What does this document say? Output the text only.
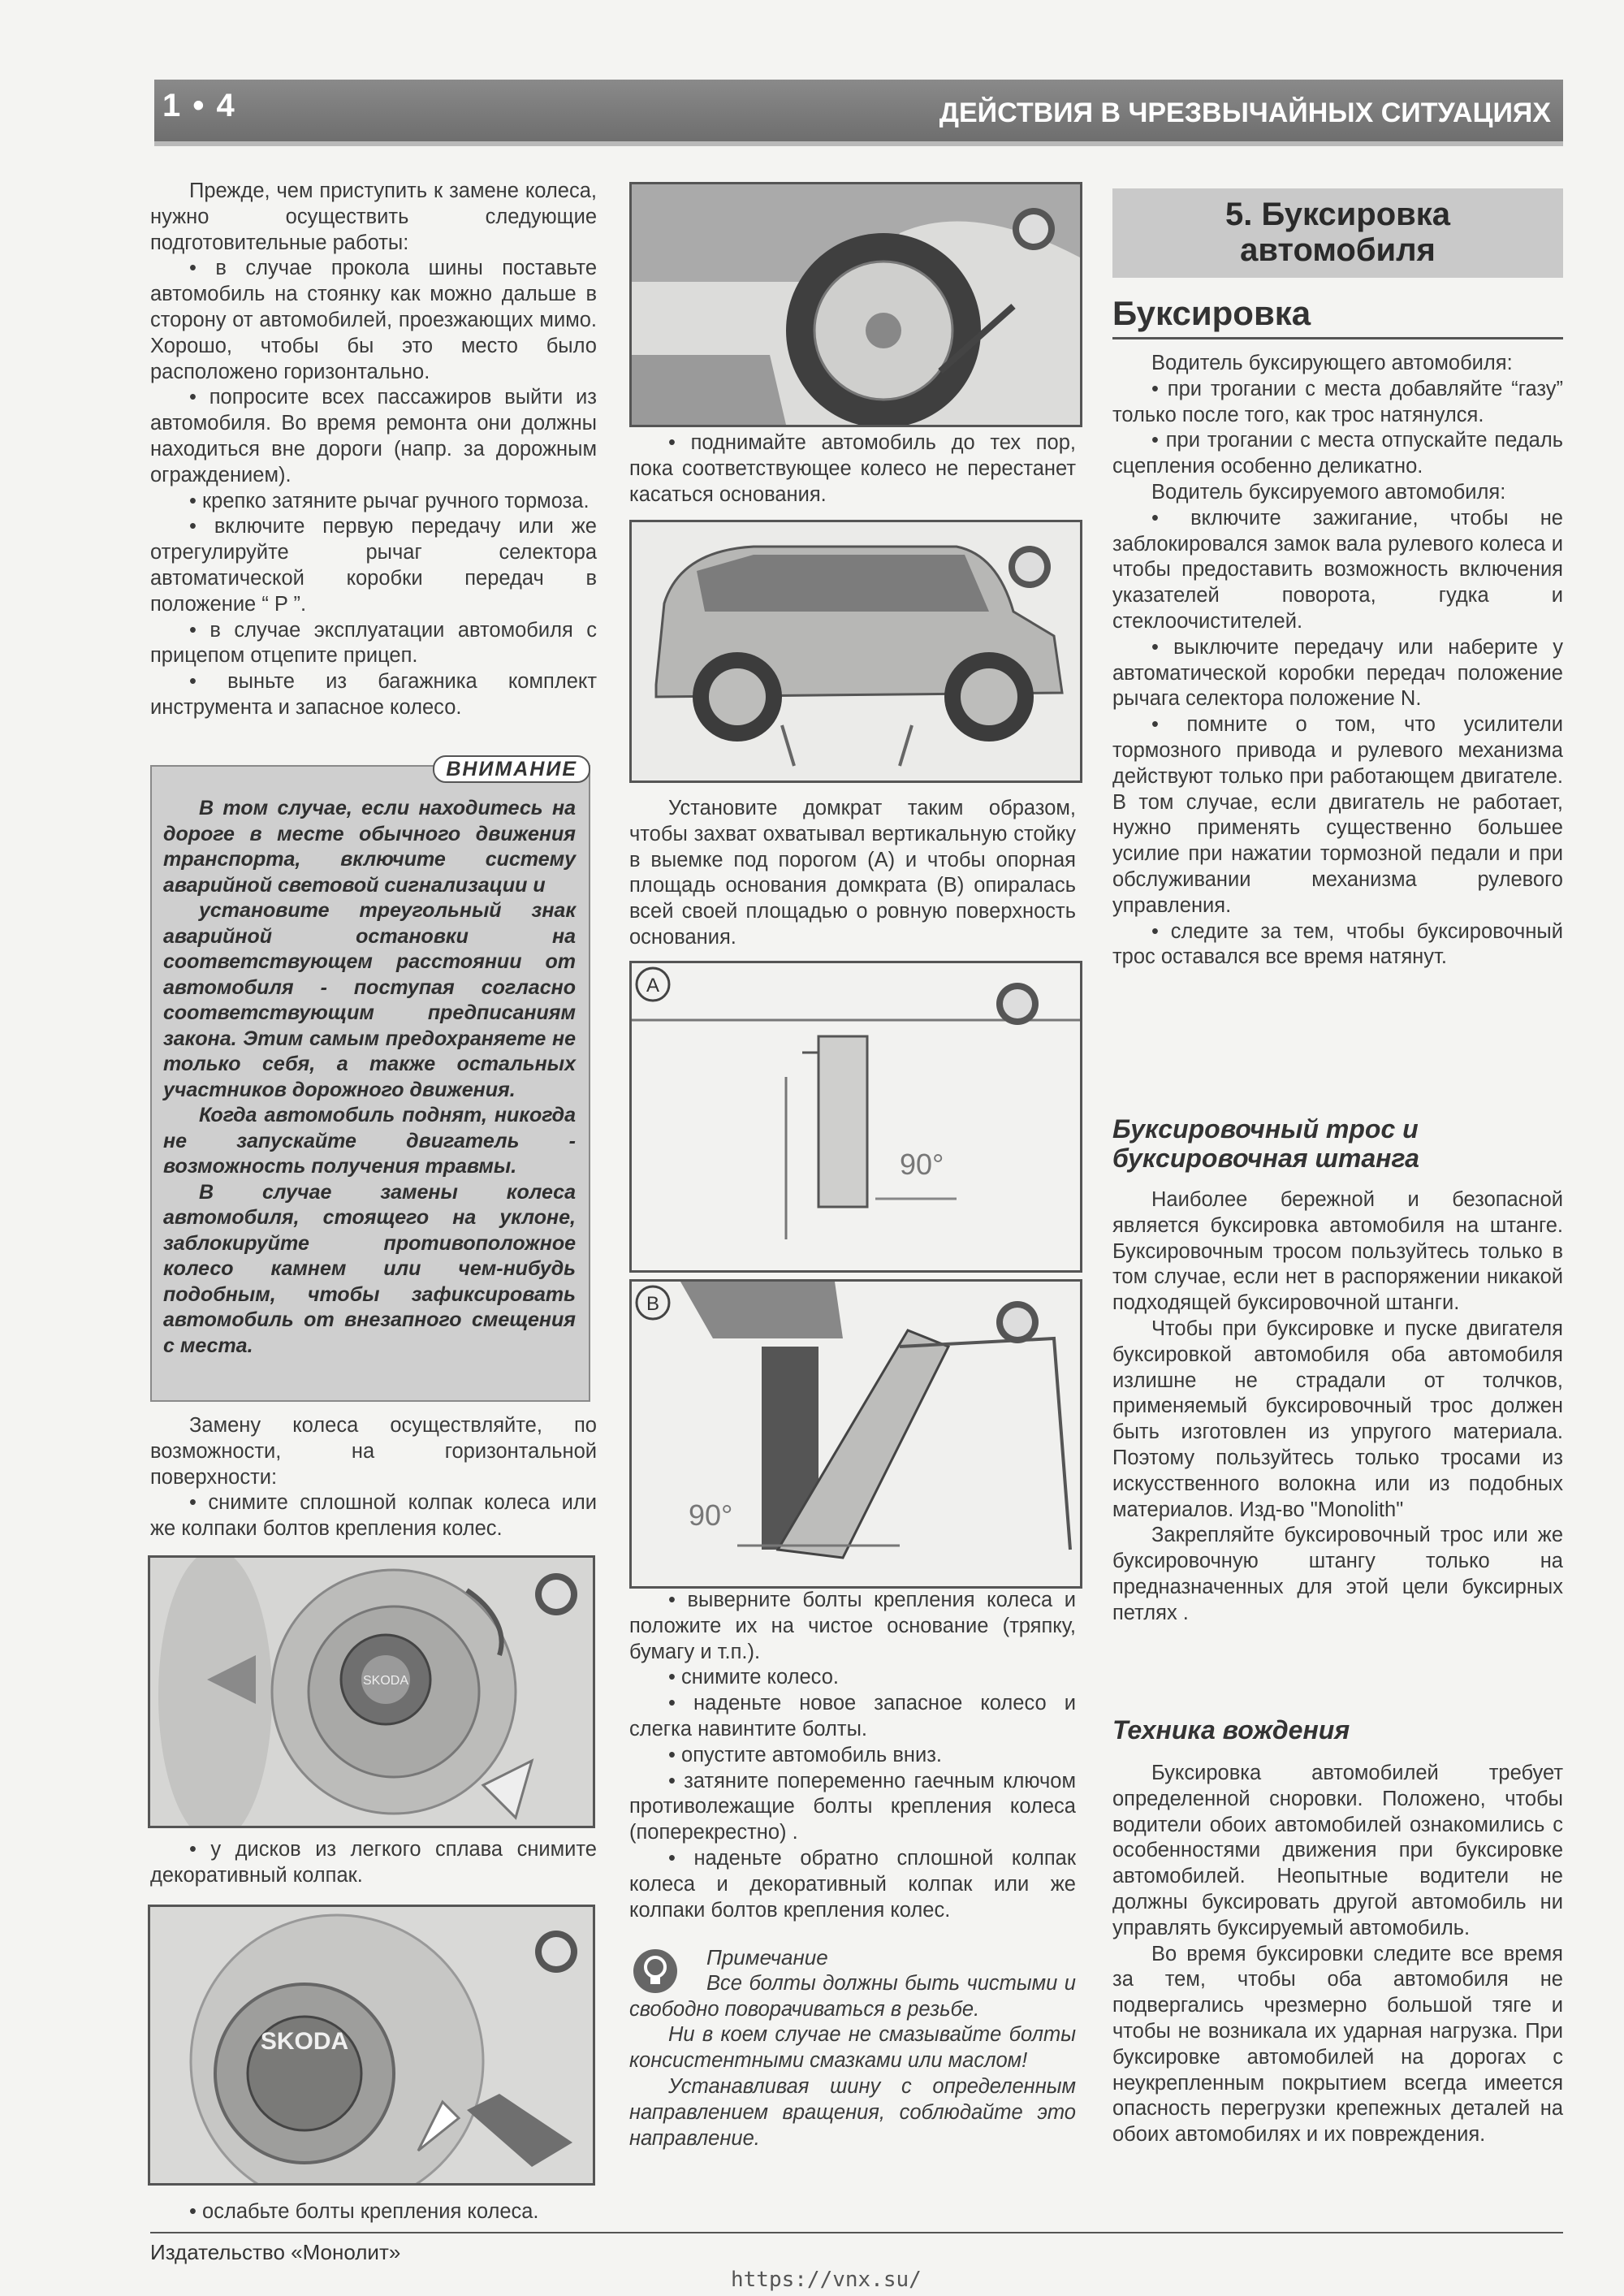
1 • 4	ДЕЙСТВИЯ В ЧРЕЗВЫЧАЙНЫХ СИТУАЦИЯХ

Прежде, чем приступить к замене колеса, нужно осуществить следующие подготовительные работы:

• в случае прокола шины поставьте автомобиль на стоянку как можно дальше в сторону от автомобилей, проезжающих мимо. Хорошо, чтобы бы это место было расположено горизонтально.

• попросите всех пассажиров выйти из автомобиля. Во время ремонта они должны находиться вне дороги (напр. за дорожным ограждением).

• крепко затяните рычаг ручного тормоза.

• включите первую передачу или же отрегулируйте рычаг селектора автоматической коробки передач в положение “ P ”.

• в случае эксплуатации автомобиля с прицепом отцепите прицеп.

• выньте из багажника комплект инструмента и запасное колесо.

ВНИМАНИЕ

В том случае, если находитесь на дороге в месте обычного движения транспорта, включите систему аварийной световой сигнализации и

установите треугольный знак аварийной остановки на соответствующем расстоянии от автомобиля - поступая согласно соответствующим предписаниям закона. Этим самым предохраняете не только себя, а также остальных участников дорожного движения.

Когда автомобиль поднят, никогда не запускайте двигатель - возможность получения травмы.

В случае замены колеса автомобиля, стоящего на уклоне, заблокируйте противоположное колесо камнем или чем-нибудь подобным, чтобы зафиксировать автомобиль от внезапного смещения с места.

Замену колеса осуществляйте, по возможности, на горизонтальной поверхности:

• снимите сплошной колпак колеса или же колпаки болтов крепления колес.

SKODA

• у дисков из легкого сплава снимите декоративный колпак.

SKODA

• ослабьте болты крепления колеса.

• поднимайте автомобиль до тех пор, пока соответствующее колесо не перестанет касаться основания.

Установите домкрат таким образом, чтобы захват охватывал вертикальную стойку в выемке под порогом (А) и чтобы опорная площадь основания домкрата (В) опиралась всей своей площадью о ровную поверхность основания.

A
90°
B
90°

• выверните болты крепления колеса и положите их на чистое основание (тряпку, бумагу и т.п.).

• снимите колесо.

• наденьте новое запасное колесо и слегка навинтите болты.

• опустите автомобиль вниз.

• затяните попеременно гаечным ключом противолежащие болты крепления колеса (поперекрестно) .

• наденьте обратно сплошной колпак колеса и декоративный колпак или же колпаки болтов крепления колес.

Примечание

Все болты должны быть чистыми и свободно поворачиваться в резьбе.

Ни в коем случае не смазывайте болты консистентными смазками или маслом!

Устанавливая шину с определенным направлением вращения, соблюдайте это направление.

5. Буксировка
автомобиля
Буксировка

Водитель буксирующего автомобиля:

• при трогании с места добавляйте “газу” только после того, как трос натянулся.

• при трогании с места отпускайте педаль сцепления особенно деликатно.

Водитель буксируемого автомобиля:

• включите зажигание, чтобы не заблокировался замок вала рулевого колеса и чтобы предоставить возможность включения указателей поворота, гудка и стеклоочистителей.

• выключите передачу или наберите у автоматической коробки передач положение рычага селектора положение N.

• помните о том, что усилители тормозного привода и рулевого механизма действуют только при работающем двигателе. В том случае, если двигатель не работает, нужно применять существенно большее усилие при нажатии тормозной педали и при обслуживании механизма рулевого управления.

• следите за тем, чтобы буксировочный трос оставался все время натянут.

Буксировочный трос и буксировочная штанга

Наиболее бережной и безопасной является буксировка автомобиля на штанге. Буксировочным тросом пользуйтесь только в том случае, если нет в распоряжении никакой подходящей буксировочной штанги.

Чтобы при буксировке и пуске двигателя буксировкой автомобиля оба автомобиля излишне не страдали от толчков, применяемый буксировочный трос должен быть изготовлен из упругого материала. Поэтому пользуйтесь только тросами из искусственного волокна или из подобных материалов. Изд-во "Monolith"

Закрепляйте буксировочный трос или же буксировочную штангу только на предназначенных для этой цели буксирных петлях .

Техника вождения

Буксировка автомобилей требует определенной сноровки. Положено, чтобы водители обоих автомобилей ознакомились с особенностями движения при буксировке автомобилей. Неопытные водители не должны буксировать другой автомобиль ни управлять буксируемый автомобиль.

Во время буксировки следите все время за тем, чтобы оба автомобиля не подвергались чрезмерно большой тяге и чтобы не возникала их ударная нагрузка. При буксировке автомобилей на дорогах с неукрепленным покрытием всегда имеется опасность перегрузки крепежных деталей на обоих автомобилях и их повреждения.

Издательство «Монолит»
https://vnx.su/
